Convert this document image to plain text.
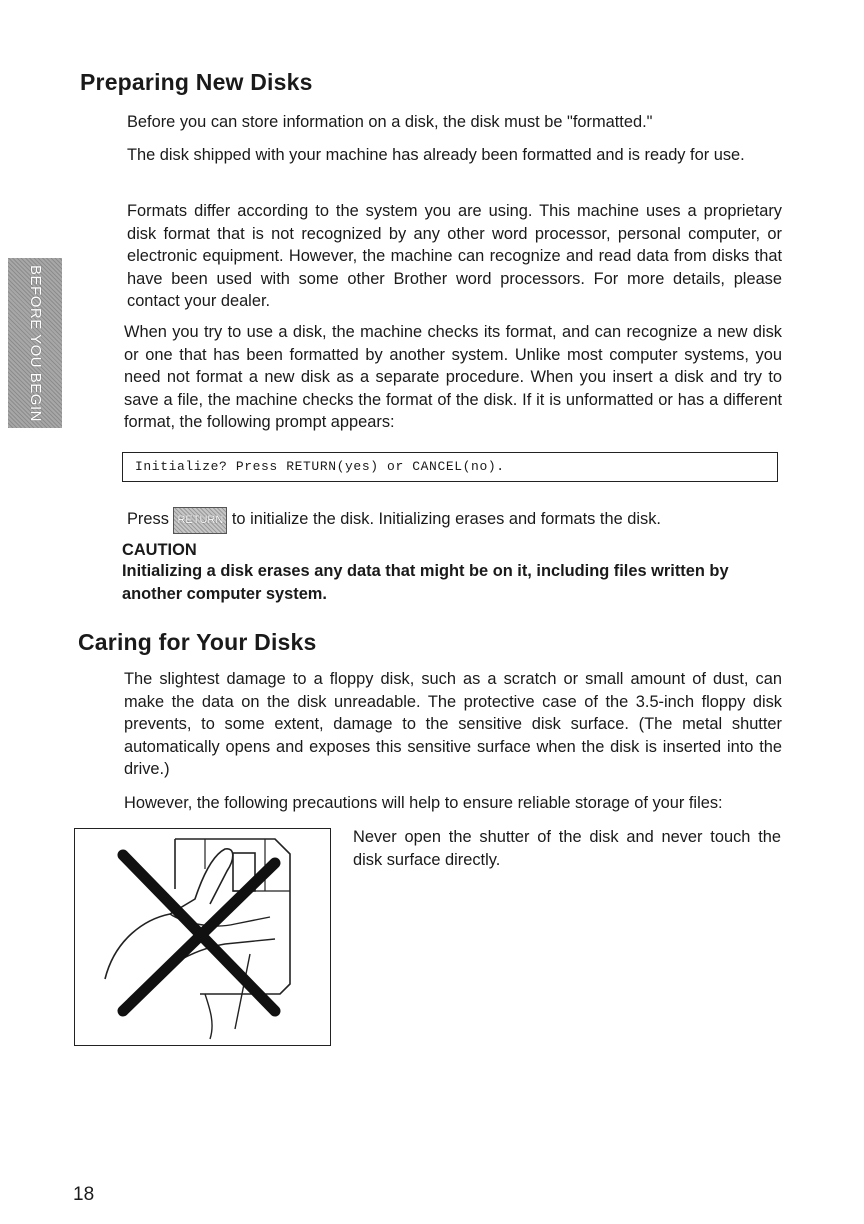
BEFORE YOU BEGIN
Preparing New Disks

Before you can store information on a disk, the disk must be "formatted."

The disk shipped with your machine has already been formatted and is ready for use.

Formats differ according to the system you are using. This machine uses a proprietary disk format that is not recognized by any other word processor, personal computer, or electronic equipment. However, the machine can recognize and read data from disks that have been used with some other Brother word processors. For more details, please contact your dealer.

When you try to use a disk, the machine checks its format, and can recognize a new disk or one that has been formatted by another system. Unlike most computer systems, you need not format a new disk as a separate procedure. When you insert a disk and try to save a file, the machine checks the format of the disk. If it is unformatted or has a different format, the following prompt appears:

Initialize? Press RETURN(yes) or CANCEL(no).

Press RETURN to initialize the disk. Initializing erases and formats the disk.

CAUTION

Initializing a disk erases any data that might be on it, including files written by another computer system.

Caring for Your Disks

The slightest damage to a floppy disk, such as a scratch or small amount of dust, can make the data on the disk unreadable. The protective case of the 3.5-inch floppy disk prevents, to some extent, damage to the sensitive disk surface. (The metal shutter automatically opens and exposes this sensitive surface when the disk is inserted into the drive.)

However, the following precautions will help to ensure reliable storage of your files:

Never open the shutter of the disk and never touch the disk surface directly.

18
